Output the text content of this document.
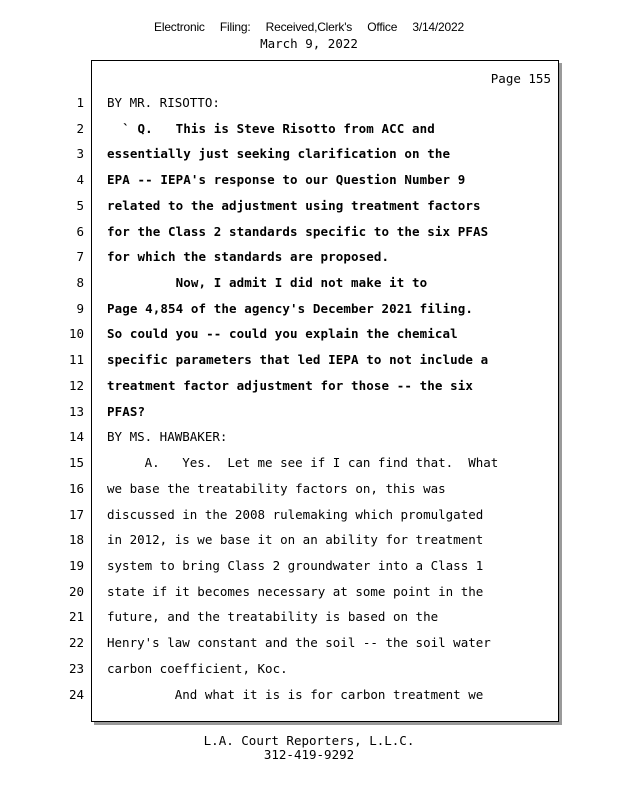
Electronic Filing: Received,Clerk's Office 3/14/2022
March 9, 2022
Page 155
1 BY MR. RISOTTO:
2 ` Q.   This is Steve Risotto from ACC and
3 essentially just seeking clarification on the
4 EPA -- IEPA's response to our Question Number 9
5 related to the adjustment using treatment factors
6 for the Class 2 standards specific to the six PFAS
7 for which the standards are proposed.
8 Now, I admit I did not make it to
9 Page 4,854 of the agency's December 2021 filing.
10 So could you -- could you explain the chemical
11 specific parameters that led IEPA to not include a
12 treatment factor adjustment for those -- the six
13 PFAS?
14 BY MS. HAWBAKER:
15 A.   Yes.  Let me see if I can find that.  What
16 we base the treatability factors on, this was
17 discussed in the 2008 rulemaking which promulgated
18 in 2012, is we base it on an ability for treatment
19 system to bring Class 2 groundwater into a Class 1
20 state if it becomes necessary at some point in the
21 future, and the treatability is based on the
22 Henry's law constant and the soil -- the soil water
23 carbon coefficient, Koc.
24 And what it is is for carbon treatment we
L.A. Court Reporters, L.L.C.
312-419-9292
